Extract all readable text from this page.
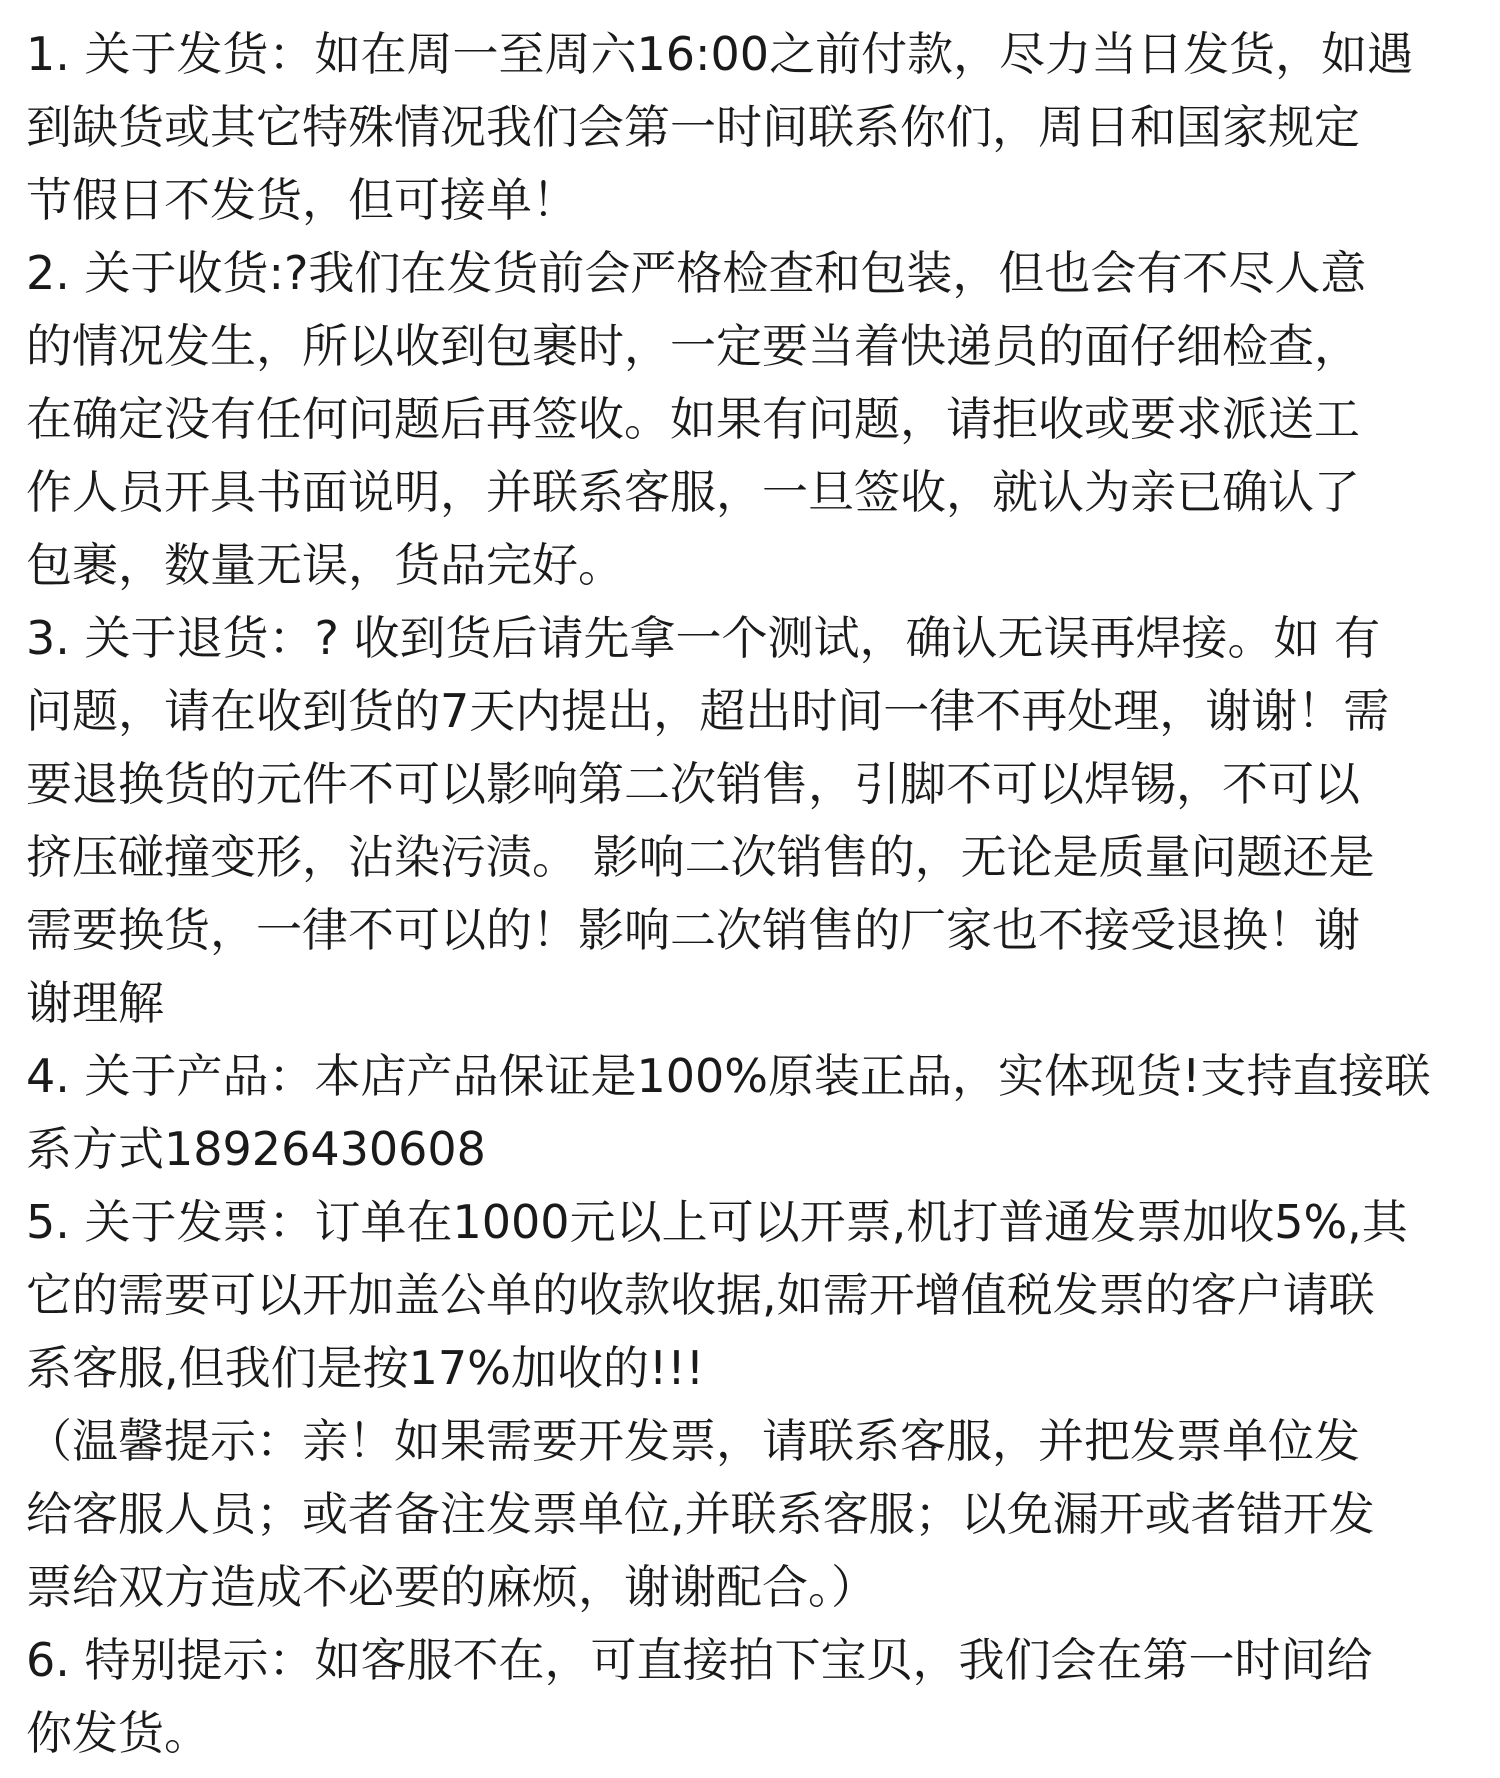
1. 关于发货：如在周一至周六16:00之前付款，尽力当日发货，如遇
到缺货或其它特殊情况我们会第一时间联系你们，周日和国家规定
节假日不发货，但可接单！
2. 关于收货:?我们在发货前会严格检查和包装，但也会有不尽人意
的情况发生，所以收到包裹时，一定要当着快递员的面仔细检查，
在确定没有任何问题后再签收。如果有问题，请拒收或要求派送工
作人员开具书面说明，并联系客服，一旦签收，就认为亲已确认了
包裹，数量无误，货品完好。
3. 关于退货：? 收到货后请先拿一个测试，确认无误再焊接。如 有
问题，请在收到货的7天内提出，超出时间一律不再处理，谢谢！需
要退换货的元件不可以影响第二次销售，引脚不可以焊锡，不可以
挤压碰撞变形，沾染污渍。 影响二次销售的，无论是质量问题还是
需要换货，一律不可以的！影响二次销售的厂家也不接受退换！谢
谢理解
4. 关于产品：本店产品保证是100%原装正品，实体现货!支持直接联
系方式18926430608
5. 关于发票：订单在1000元以上可以开票,机打普通发票加收5%,其
它的需要可以开加盖公单的收款收据,如需开增值税发票的客户请联
系客服,但我们是按17%加收的!!!
（温馨提示：亲！如果需要开发票，请联系客服，并把发票单位发
给客服人员；或者备注发票单位,并联系客服；以免漏开或者错开发
票给双方造成不必要的麻烦，谢谢配合。）
6. 特别提示：如客服不在，可直接拍下宝贝，我们会在第一时间给
你发货。
